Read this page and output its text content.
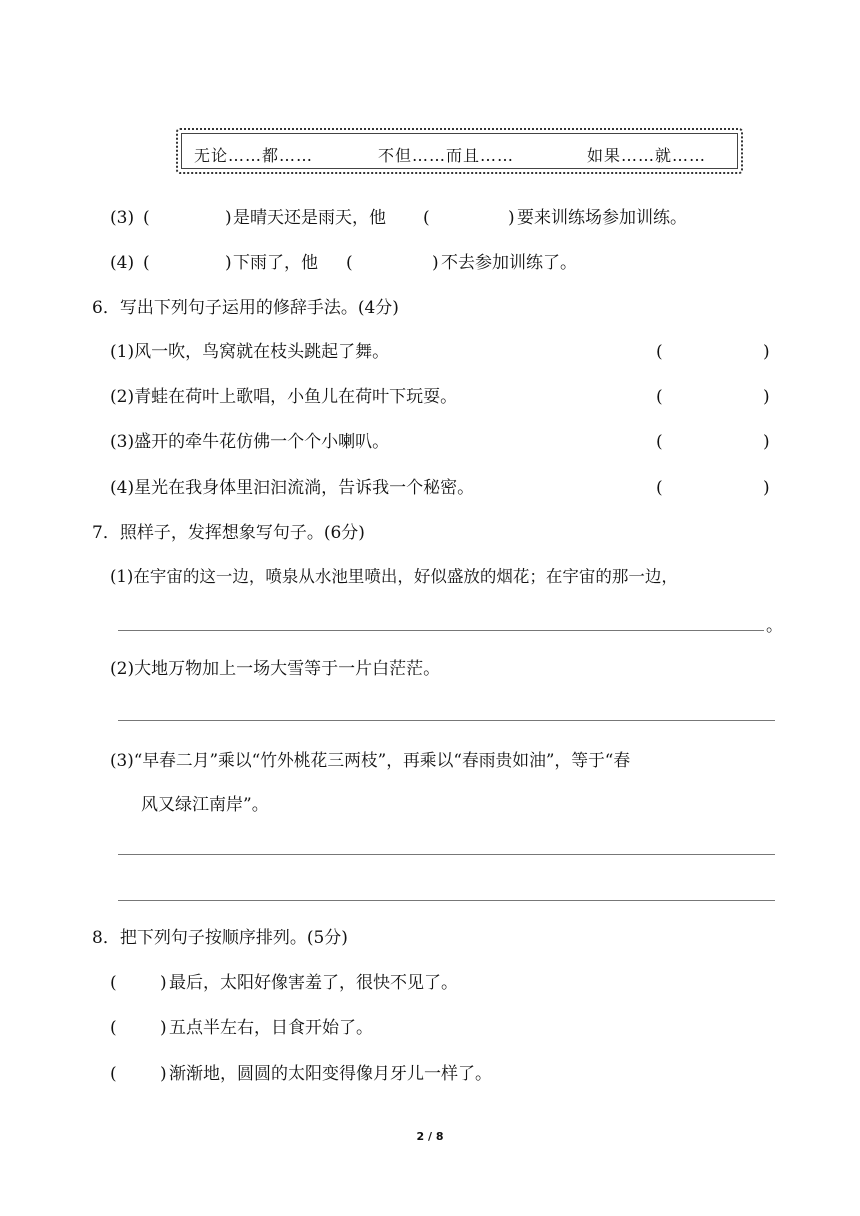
无论……都……	不但……而且……	如果……就……
(3) (	) 是晴天还是雨天，他 (	) 要来训练场参加训练。
(4) (	) 下雨了，他 (	) 不去参加训练了。
6．写出下列句子运用的修辞手法。(4分)
(1)风一吹，鸟窝就在枝头跳起了舞。	(	)
(2)青蛙在荷叶上歌唱，小鱼儿在荷叶下玩耍。	(	)
(3)盛开的牵牛花仿佛一个个小喇叭。	(	)
(4)星光在我身体里汩汩流淌，告诉我一个秘密。	(	)
7．照样子，发挥想象写句子。(6分)
(1)在宇宙的这一边，喷泉从水池里喷出，好似盛放的烟花；在宇宙的那一边，
。
(2)大地万物加上一场大雪等于一片白茫茫。
(3)“早春二月”乘以“竹外桃花三两枝”，再乘以“春雨贵如油”，等于“春
风又绿江南岸”。
8．把下列句子按顺序排列。(5分)
(	) 最后，太阳好像害羞了，很快不见了。
(	) 五点半左右，日食开始了。
(	) 渐渐地，圆圆的太阳变得像月牙儿一样了。
2 / 8
